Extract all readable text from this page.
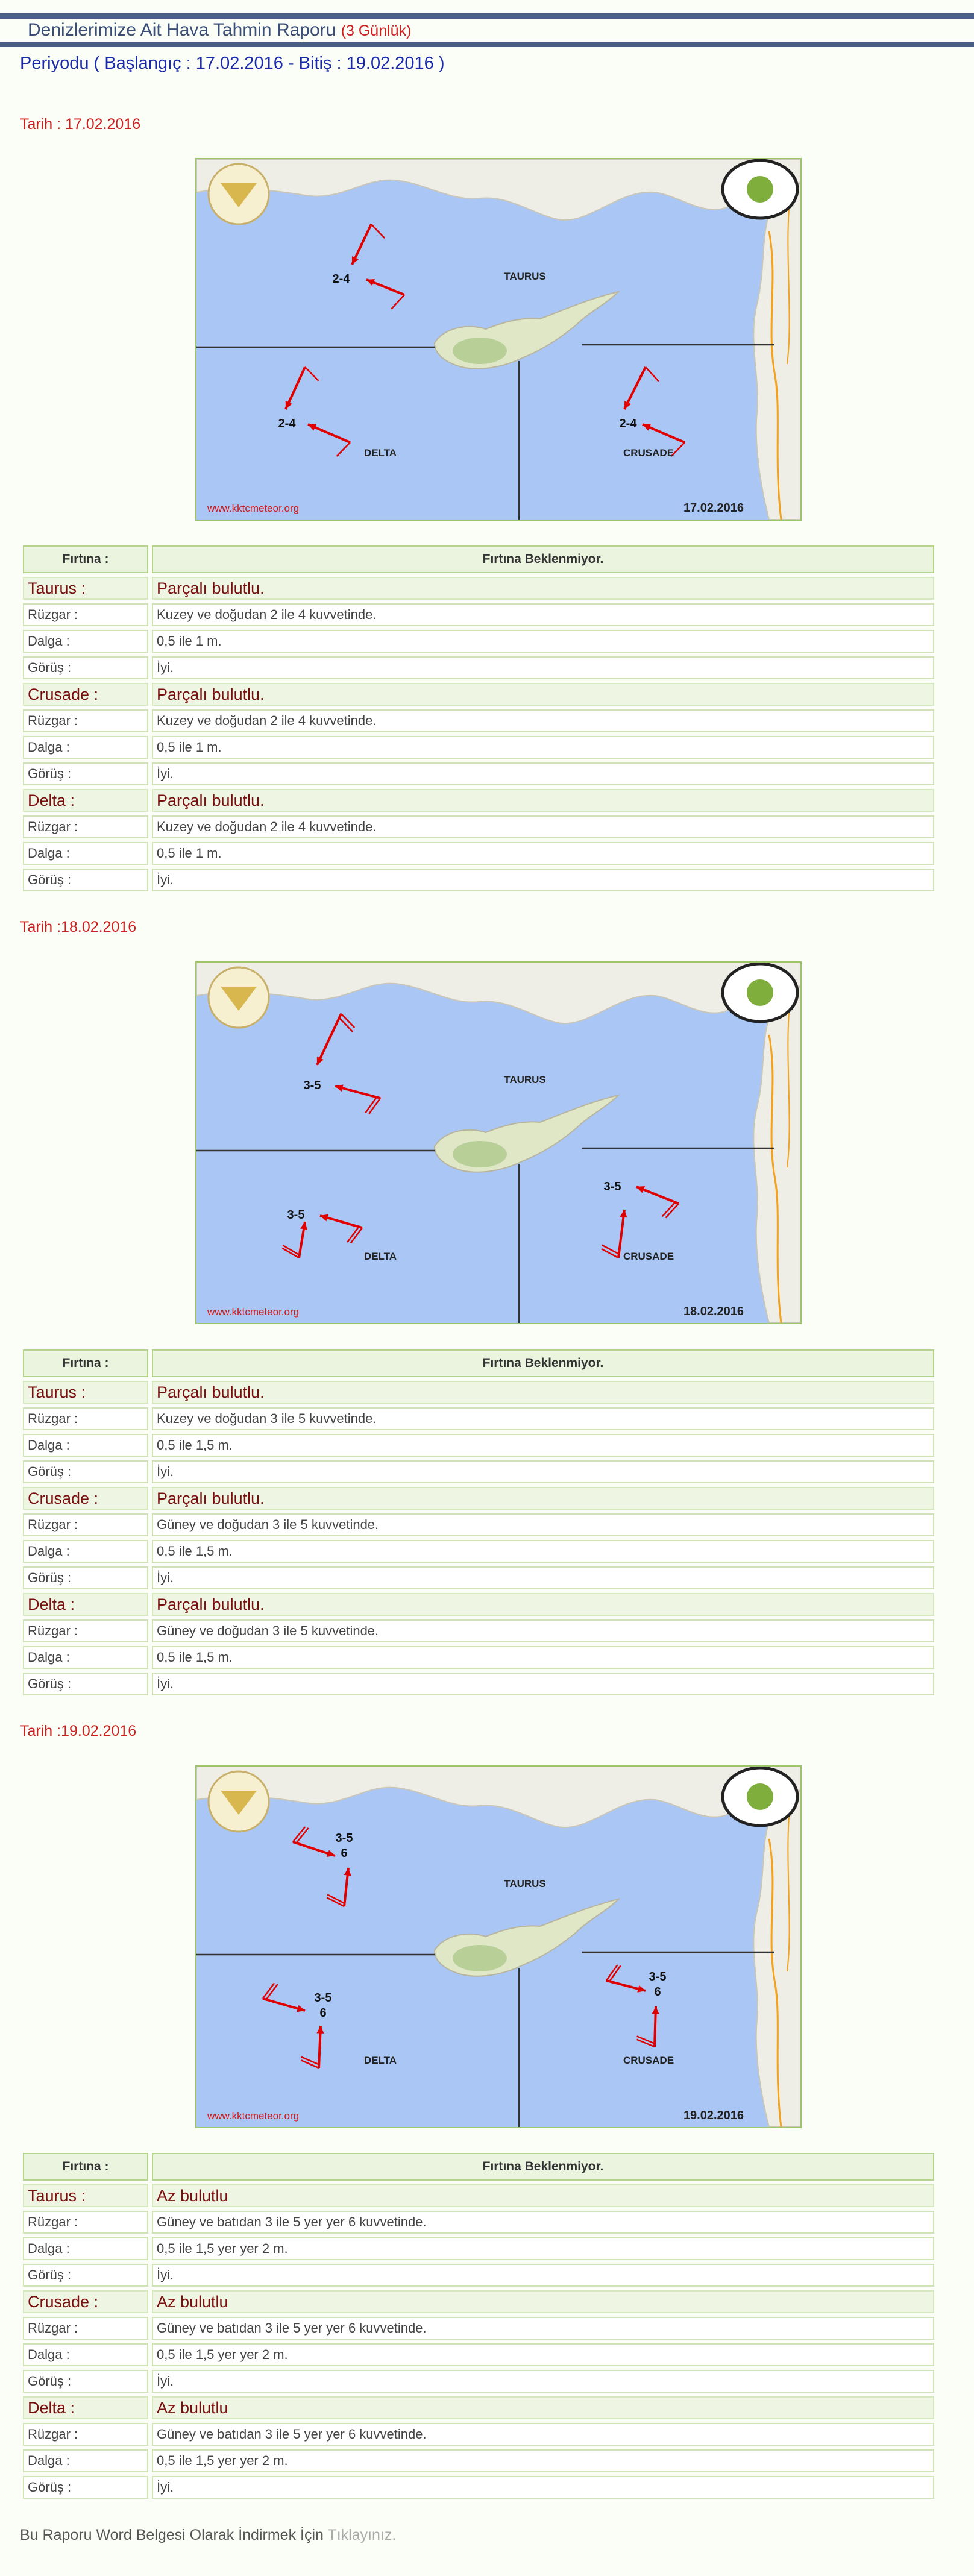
Denizlerimize Ait Hava Tahmin Raporu (3 Günlük)
Periyodu ( Başlangıç : 17.02.2016 - Bitiş : 19.02.2016 )
Tarih : 17.02.2016
TAURUS
DELTA	CRUSADE
2-4
2-4	2-4
www.kktcmeteor.org	17.02.2016
Fırtına :	Fırtına Beklenmiyor.
Taurus :	Parçalı bulutlu.
Rüzgar :	Kuzey ve doğudan 2 ile 4 kuvvetinde.
Dalga :	0,5 ile 1 m.
Görüş :	İyi.
Crusade :	Parçalı bulutlu.
Rüzgar :	Kuzey ve doğudan 2 ile 4 kuvvetinde.
Dalga :	0,5 ile 1 m.
Görüş :	İyi.
Delta :	Parçalı bulutlu.
Rüzgar :	Kuzey ve doğudan 2 ile 4 kuvvetinde.
Dalga :	0,5 ile 1 m.
Görüş :	İyi.
Tarih :18.02.2016
TAURUS
DELTA	CRUSADE
3-5
3-5
3-5
www.kktcmeteor.org	18.02.2016
Fırtına :	Fırtına Beklenmiyor.
Taurus :	Parçalı bulutlu.
Rüzgar :	Kuzey ve doğudan 3 ile 5 kuvvetinde.
Dalga :	0,5 ile 1,5 m.
Görüş :	İyi.
Crusade :	Parçalı bulutlu.
Rüzgar :	Güney ve doğudan 3 ile 5 kuvvetinde.
Dalga :	0,5 ile 1,5 m.
Görüş :	İyi.
Delta :	Parçalı bulutlu.
Rüzgar :	Güney ve doğudan 3 ile 5 kuvvetinde.
Dalga :	0,5 ile 1,5 m.
Görüş :	İyi.
Tarih :19.02.2016
TAURUS
DELTA	CRUSADE
3-5
3-5
3-5
6
6
6
www.kktcmeteor.org	19.02.2016
Fırtına :	Fırtına Beklenmiyor.
Taurus :	Az bulutlu
Rüzgar :	Güney ve batıdan 3 ile 5 yer yer 6 kuvvetinde.
Dalga :	0,5 ile 1,5 yer yer 2 m.
Görüş :	İyi.
Crusade :	Az bulutlu
Rüzgar :	Güney ve batıdan 3 ile 5 yer yer 6 kuvvetinde.
Dalga :	0,5 ile 1,5 yer yer 2 m.
Görüş :	İyi.
Delta :	Az bulutlu
Rüzgar :	Güney ve batıdan 3 ile 5 yer yer 6 kuvvetinde.
Dalga :	0,5 ile 1,5 yer yer 2 m.
Görüş :	İyi.
Bu Raporu Word Belgesi Olarak İndirmek İçin Tıklayınız.
